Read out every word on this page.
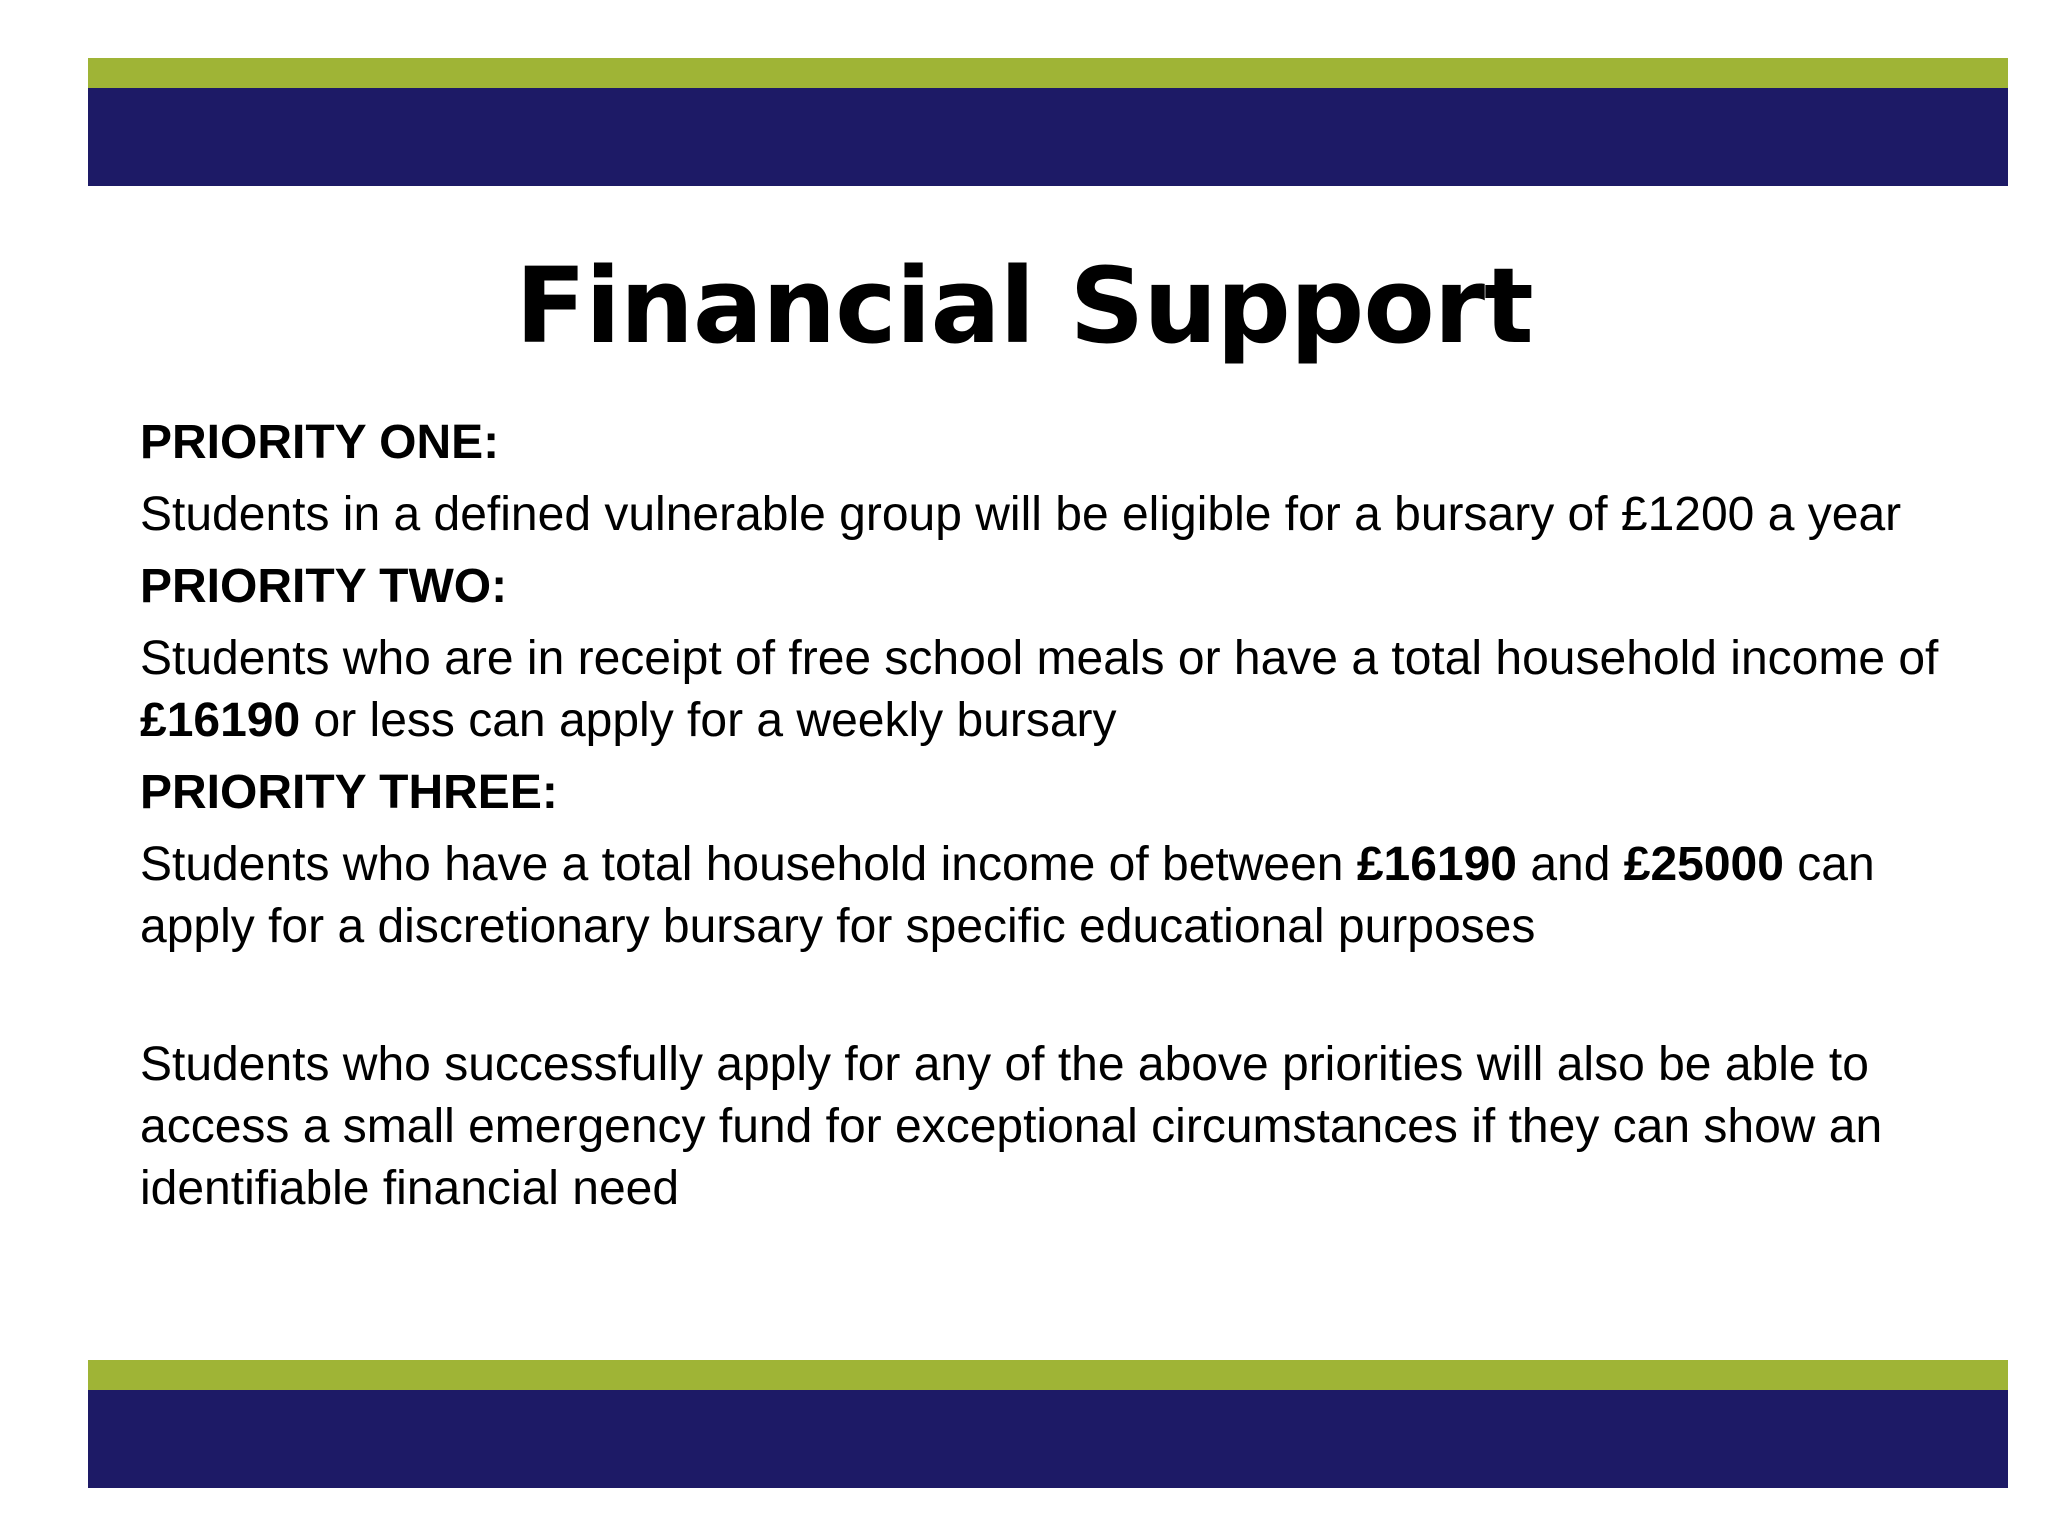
Financial Support
PRIORITY ONE:
Students in a defined vulnerable group will be eligible for a bursary of £1200 a year
PRIORITY TWO:
Students who are in receipt of free school meals or have a total household income of £16190 or less can apply for a weekly bursary
PRIORITY THREE:
Students who have a total household income of between £16190 and £25000 can apply for a discretionary bursary for specific educational purposes
Students who successfully apply for any of the above priorities will also be able to access a small emergency fund for exceptional circumstances if they can show an identifiable financial need
